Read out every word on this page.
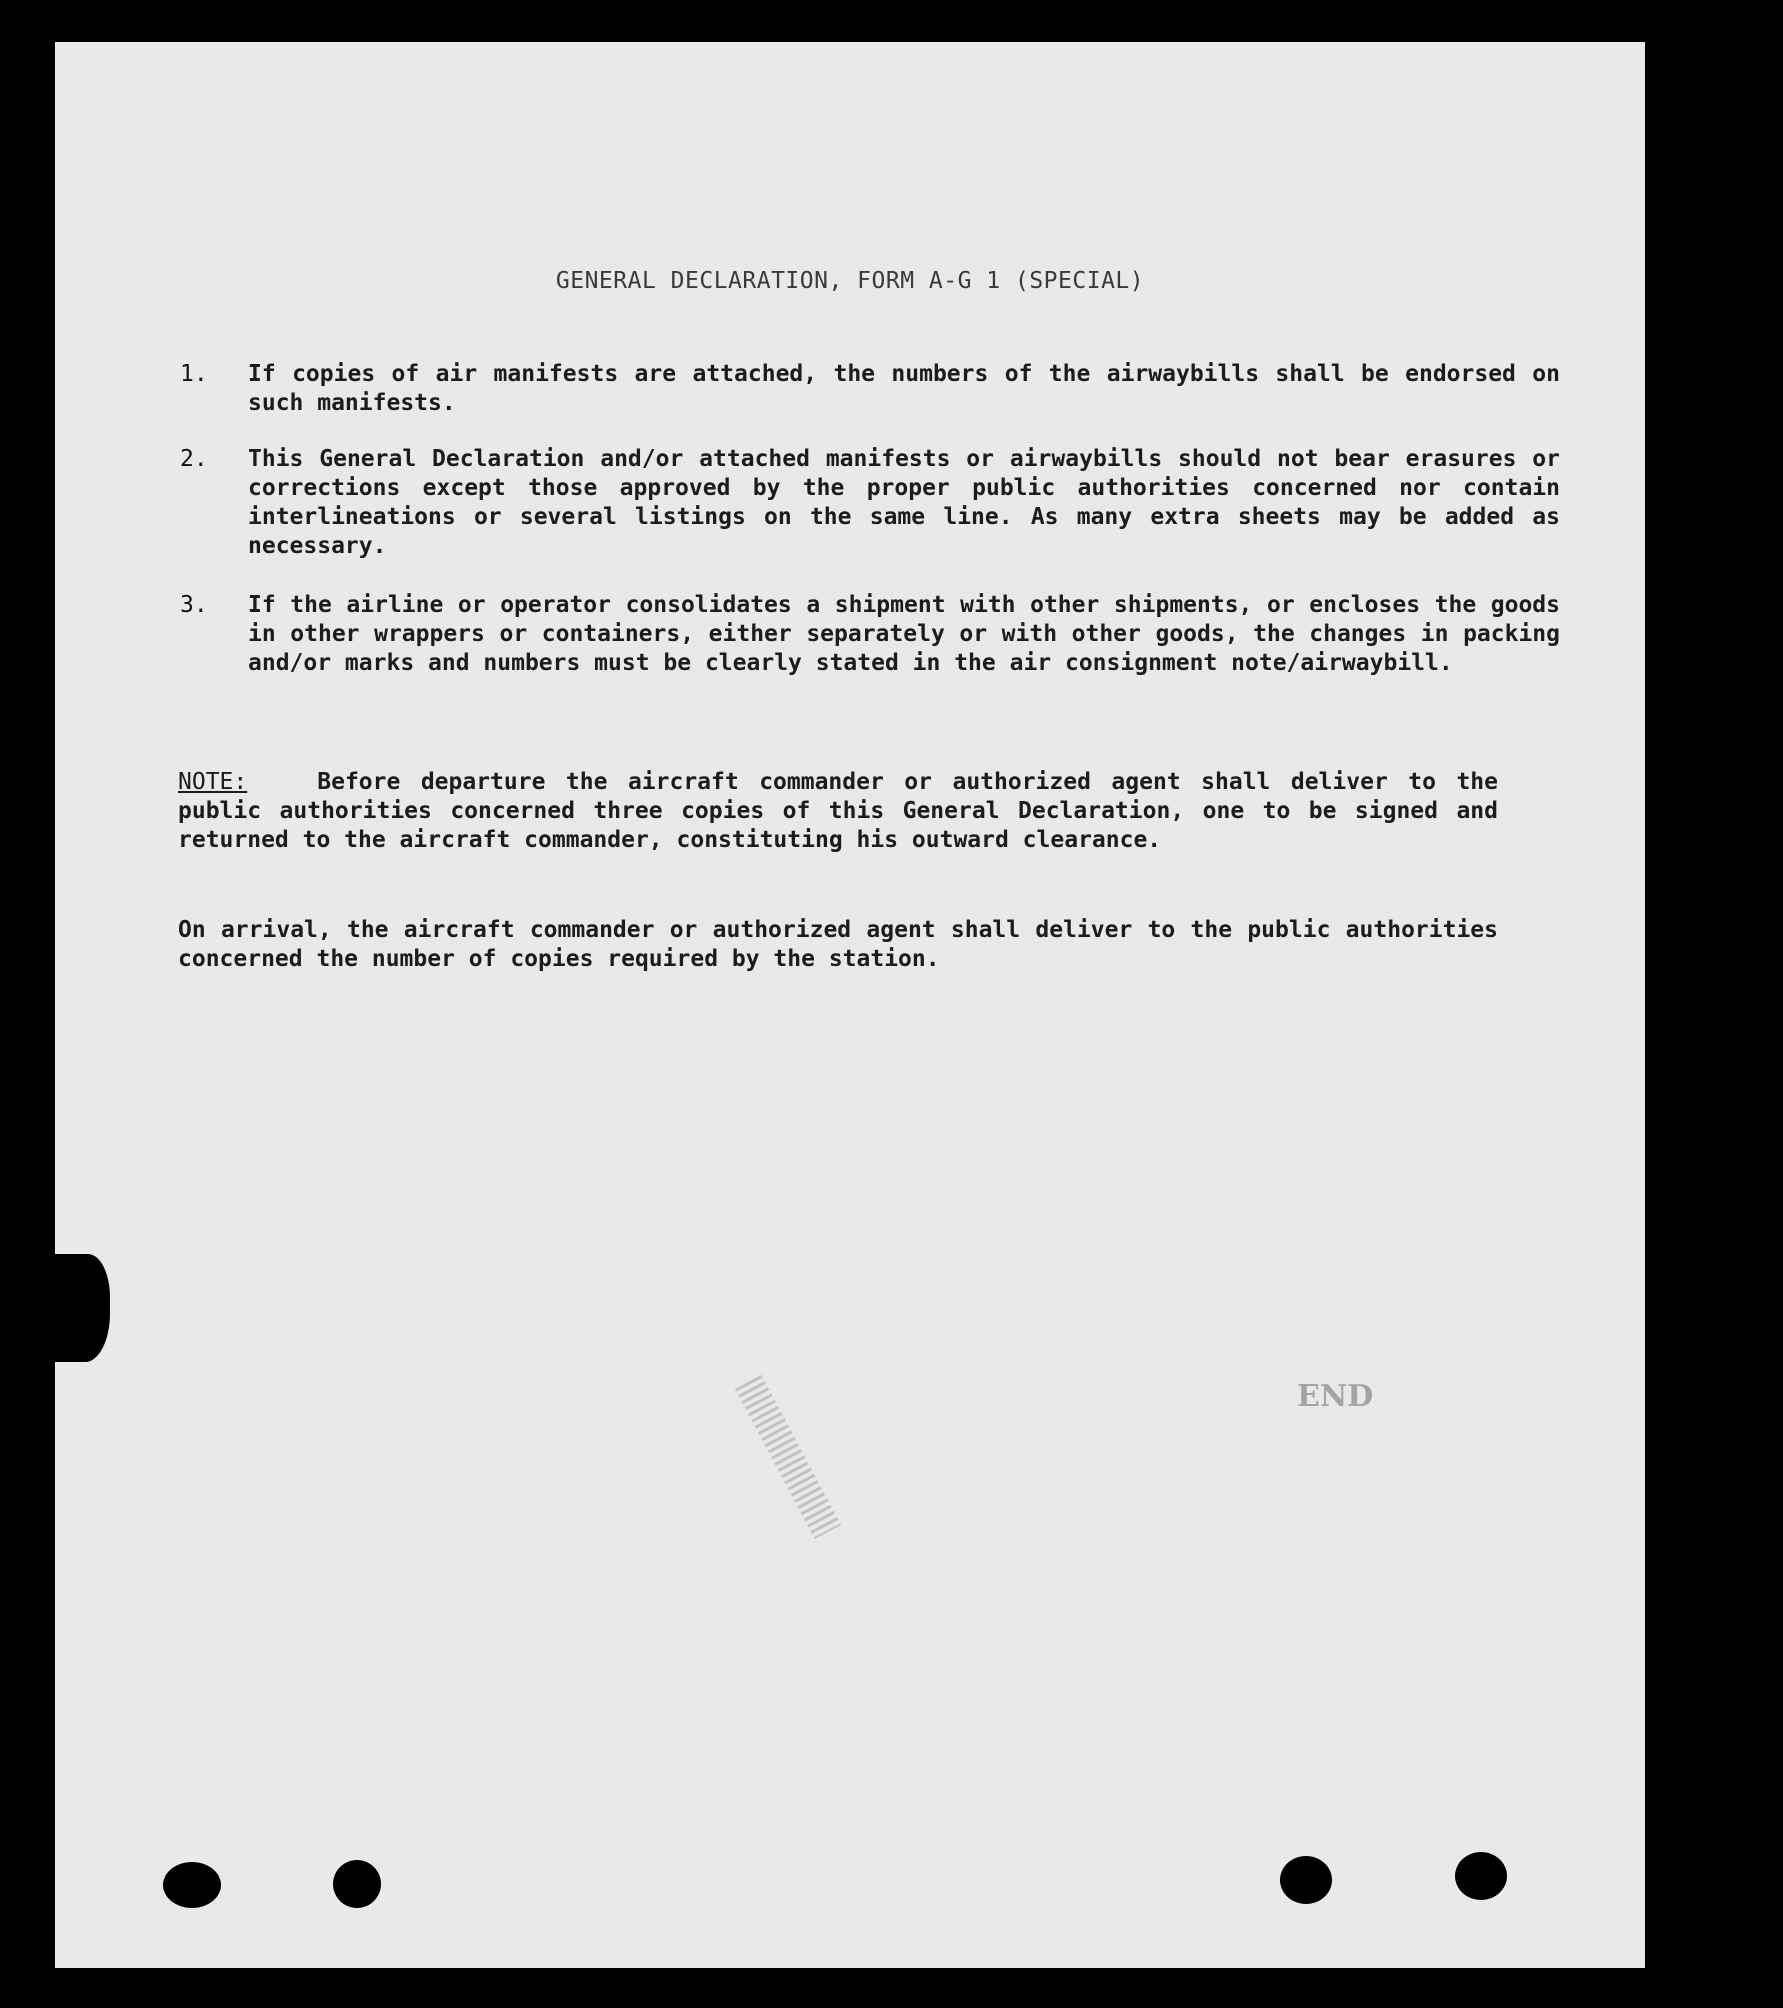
GENERAL DECLARATION, FORM A-G 1 (SPECIAL)
1.	If copies of air manifests are attached, the numbers of the airwaybills shall be endorsed on such manifests.
2.	This General Declaration and/or attached manifests or airwaybills should not bear erasures or corrections except those approved by the proper public authorities concerned nor contain interlineations or several listings on the same line. As many extra sheets may be added as necessary.
3.	If the airline or operator consolidates a shipment with other shipments, or encloses the goods in other wrappers or containers, either separately or with other goods, the changes in packing and/or marks and numbers must be clearly stated in the air consignment note/airwaybill.
NOTE:	Before departure the aircraft commander or authorized agent shall deliver to the public authorities concerned three copies of this General Declaration, one to be signed and returned to the aircraft commander, constituting his outward clearance.
On arrival, the aircraft commander or authorized agent shall deliver to the public authorities concerned the number of copies required by the station.
END
